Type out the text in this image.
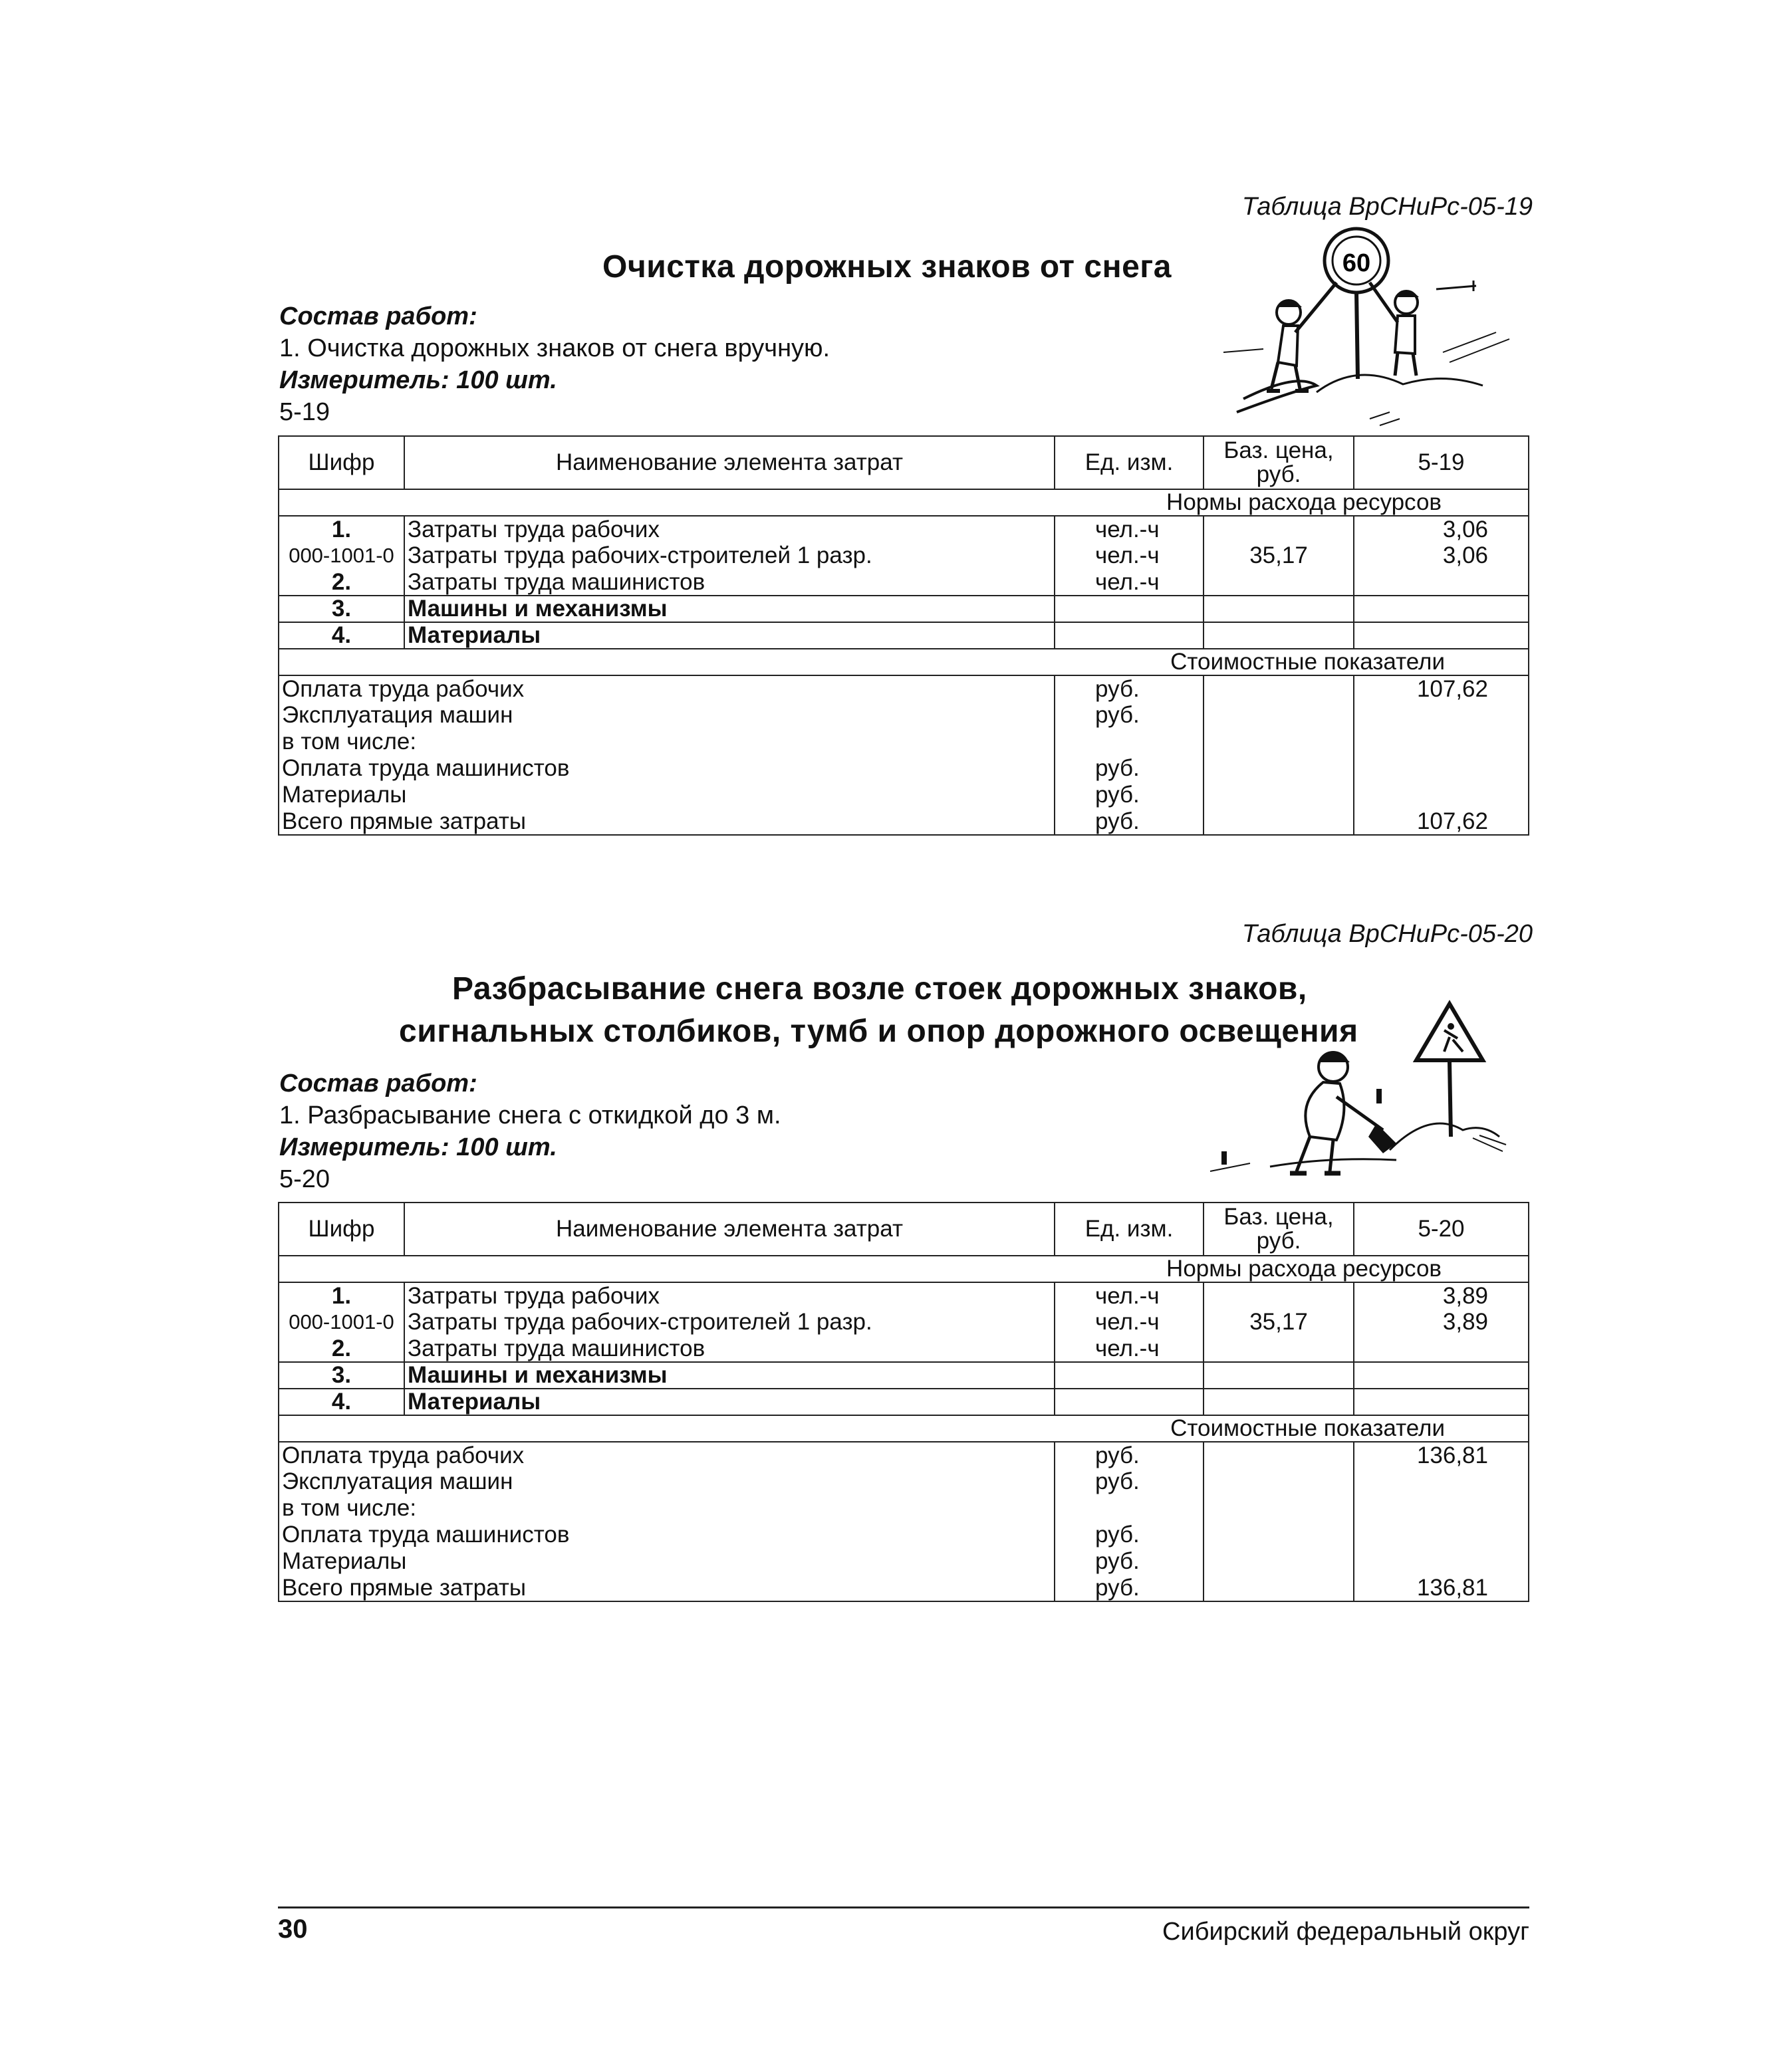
Таблица ВрСНиРс-05-19
Очистка дорожных знаков от снега
Состав работ:
1. Очистка дорожных знаков от снега вручную.
Измеритель: 100 шт.
5-19
60
Шифр	Наименование элемента затрат	Ед. изм.	Баз. цена, руб.	5-19
Нормы расхода ресурсов				
1.	Затраты труда рабочих	чел.-ч		3,06
000-1001-0	Затраты труда рабочих-строителей 1 разр.	чел.-ч	35,17	3,06
2.	Затраты труда машинистов	чел.-ч		
3.	Машины и механизмы			
4.	Материалы			
Стоимостные показатели				
Оплата труда рабочих		руб.		107,62
Эксплуатация машин		руб.		
в том числе:				
Оплата труда машинистов		руб.		
Материалы		руб.		
Всего прямые затраты		руб.		107,62
Таблица ВрСНиРс-05-20
Разбрасывание снега возле стоек дорожных знаков,
сигнальных столбиков, тумб и опор дорожного освещения
Состав работ:
1. Разбрасывание снега с откидкой до 3 м.
Измеритель: 100 шт.
5-20
Шифр	Наименование элемента затрат	Ед. изм.	Баз. цена, руб.	5-20
Нормы расхода ресурсов				
1.	Затраты труда рабочих	чел.-ч		3,89
000-1001-0	Затраты труда рабочих-строителей 1 разр.	чел.-ч	35,17	3,89
2.	Затраты труда машинистов	чел.-ч		
3.	Машины и механизмы			
4.	Материалы			
Стоимостные показатели				
Оплата труда рабочих		руб.		136,81
Эксплуатация машин		руб.		
в том числе:				
Оплата труда машинистов		руб.		
Материалы		руб.		
Всего прямые затраты		руб.		136,81
30	Сибирский федеральный округ
